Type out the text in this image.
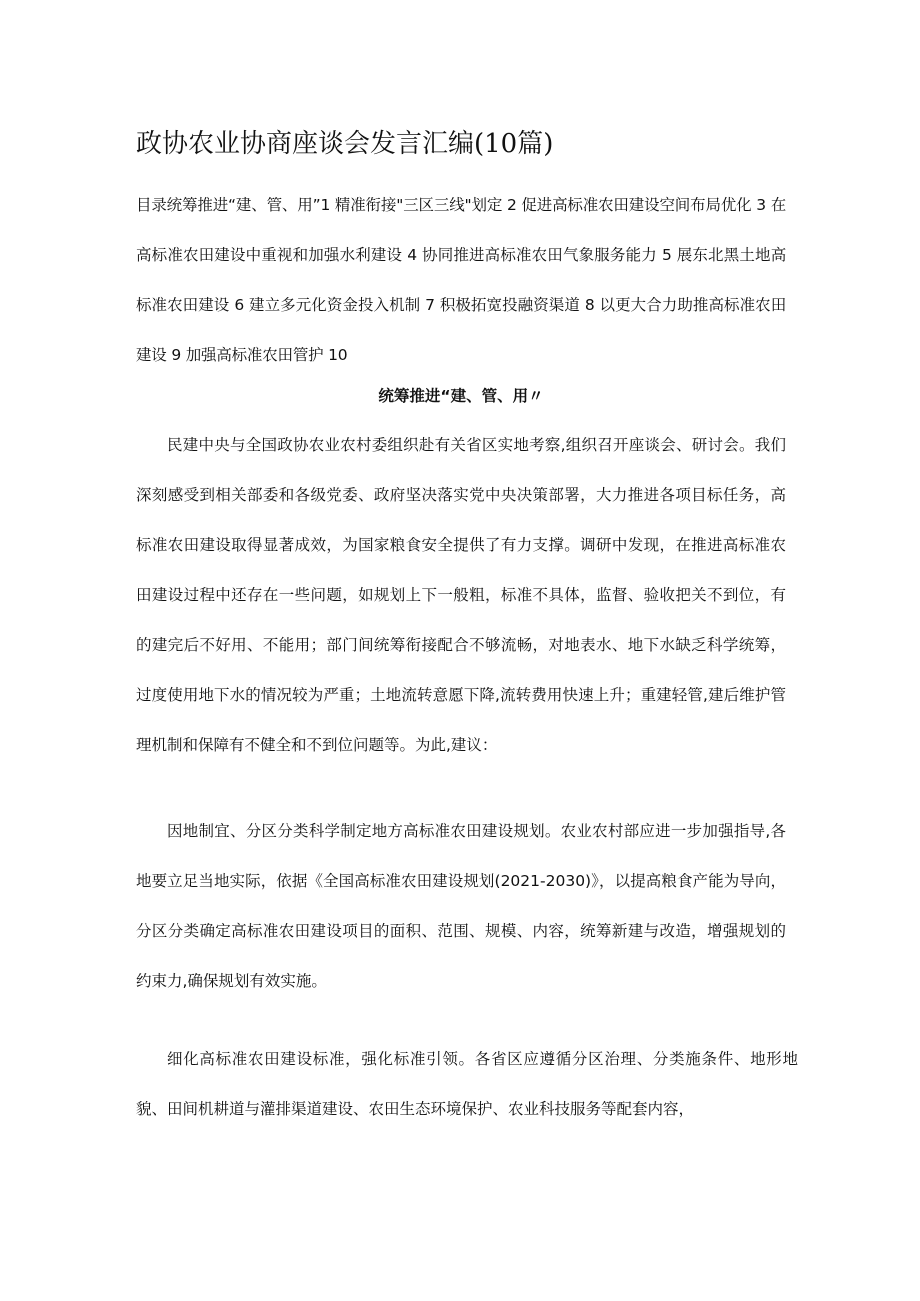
政协农业协商座谈会发言汇编(10篇)

目录统筹推进“建、管、用”1 精准衔接"三区三线"划定 2 促进高标准农田建设空间布局优化 3 在高标准农田建设中重视和加强水利建设 4 协同推进高标准农田气象服务能力 5 展东北黑土地高标准农田建设 6 建立多元化资金投入机制 7 积极拓宽投融资渠道 8 以更大合力助推高标准农田建设 9 加强高标准农田管护 10

统筹推进“建、管、用〃

民建中央与全国政协农业农村委组织赴有关省区实地考察,组织召开座谈会、研讨会。我们深刻感受到相关部委和各级党委、政府坚决落实党中央决策部署，大力推进各项目标任务，高标准农田建设取得显著成效，为国家粮食安全提供了有力支撑。调研中发现，在推进高标准农田建设过程中还存在一些问题，如规划上下一般粗，标准不具体，监督、验收把关不到位，有的建完后不好用、不能用；部门间统筹衔接配合不够流畅，对地表水、地下水缺乏科学统筹，过度使用地下水的情况较为严重；土地流转意愿下降,流转费用快速上升；重建轻管,建后维护管理机制和保障有不健全和不到位问题等。为此,建议：

因地制宜、分区分类科学制定地方高标准农田建设规划。农业农村部应进一步加强指导,各地要立足当地实际，依据《全国高标准农田建设规划(2021-2030)》，以提高粮食产能为导向，分区分类确定高标准农田建设项目的面积、范围、规模、内容，统筹新建与改造，增强规划的约束力,确保规划有效实施。

细化高标准农田建设标准，强化标准引领。各省区应遵循分区治理、分类施条件、地形地貌、田间机耕道与灌排渠道建设、农田生态环境保护、农业科技服务等配套内容，
